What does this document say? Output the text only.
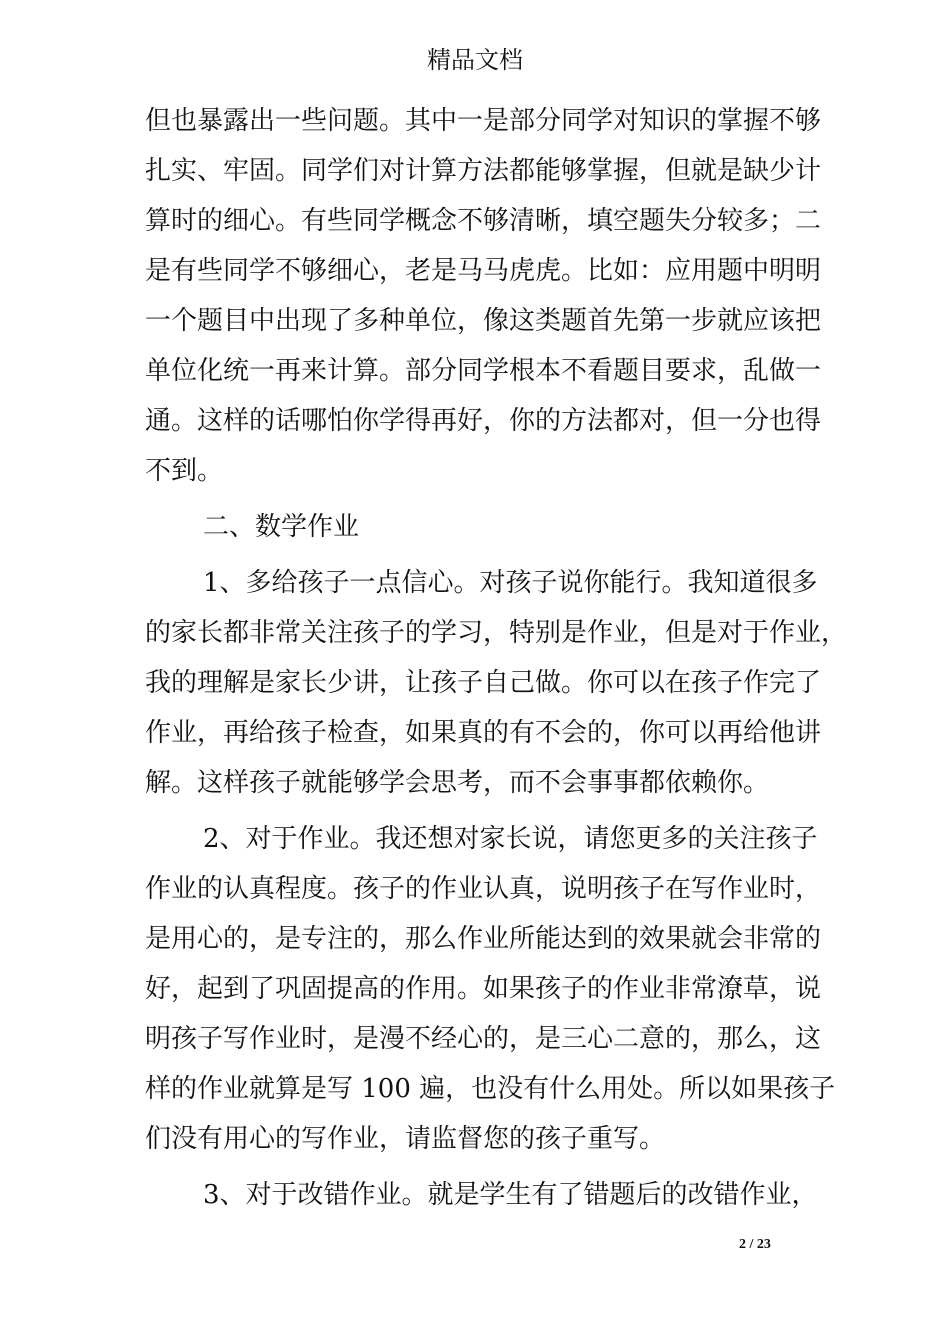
精品文档
但也暴露出一些问题。其中一是部分同学对知识的掌握不够
扎实、牢固。同学们对计算方法都能够掌握，但就是缺少计
算时的细心。有些同学概念不够清晰，填空题失分较多；二
是有些同学不够细心，老是马马虎虎。比如：应用题中明明
一个题目中出现了多种单位，像这类题首先第一步就应该把
单位化统一再来计算。部分同学根本不看题目要求，乱做一
通。这样的话哪怕你学得再好，你的方法都对，但一分也得
不到。
二、数学作业
1、多给孩子一点信心。对孩子说你能行。我知道很多
的家长都非常关注孩子的学习，特别是作业，但是对于作业，
我的理解是家长少讲，让孩子自己做。你可以在孩子作完了
作业，再给孩子检查，如果真的有不会的，你可以再给他讲
解。这样孩子就能够学会思考，而不会事事都依赖你。
2、对于作业。我还想对家长说，请您更多的关注孩子
作业的认真程度。孩子的作业认真，说明孩子在写作业时，
是用心的，是专注的，那么作业所能达到的效果就会非常的
好，起到了巩固提高的作用。如果孩子的作业非常潦草，说
明孩子写作业时，是漫不经心的，是三心二意的，那么，这
样的作业就算是写 100 遍，也没有什么用处。所以如果孩子
们没有用心的写作业，请监督您的孩子重写。
3、对于改错作业。就是学生有了错题后的改错作业，
2 / 23
